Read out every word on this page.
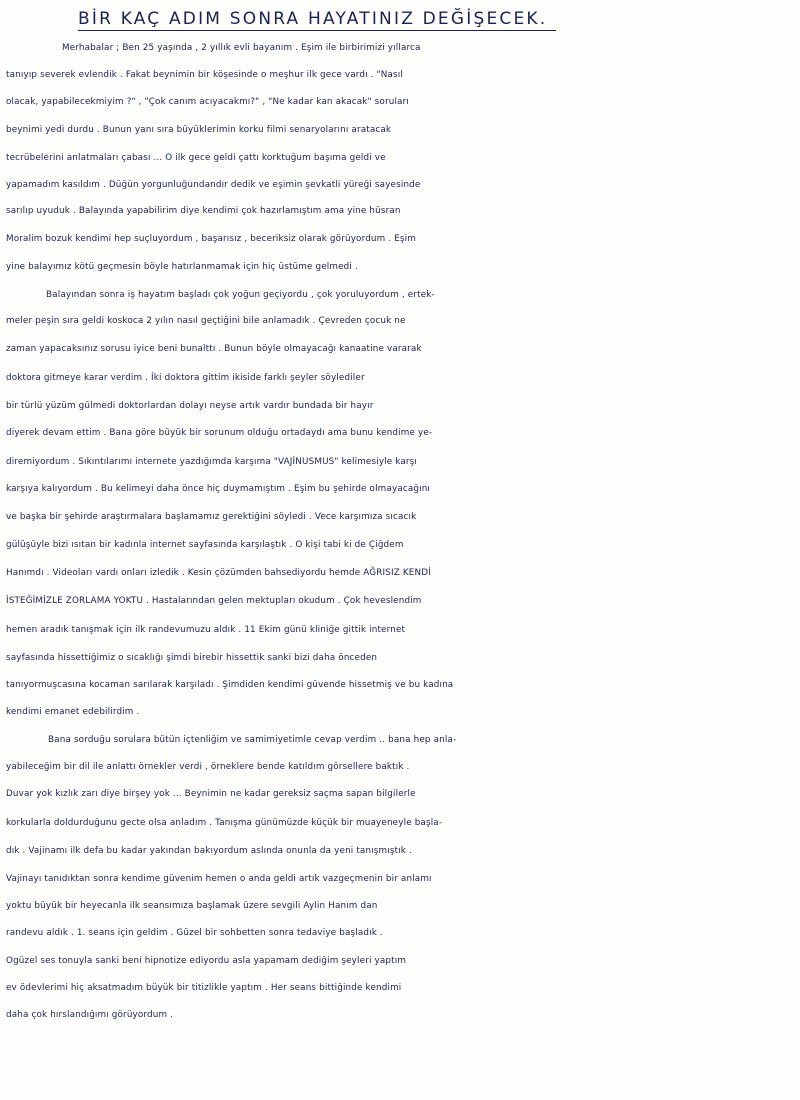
BİR KAÇ ADIM SONRA HAYATINIZ DEĞİŞECEK.
Merhabalar ; Ben 25 yaşında , 2 yıllık evli bayanım . Eşim ile birbirimizi yıllarca
tanıyıp severek evlendik . Fakat beynimin bir köşesinde o meşhur ilk gece vardı . "Nasıl
olacak, yapabilecekmiyim ?" , "Çok canım acıyacakmı?" , "Ne kadar kan akacak" soruları
beynimi yedi durdu . Bunun yanı sıra büyüklerimin korku filmi senaryolarını aratacak
tecrübelerini anlatmaları çabası ... O ilk gece geldi çattı korktuğum başıma geldi ve
yapamadım kasıldım . Düğün yorgunluğundandır dedik ve eşimin şevkatli yüreği sayesinde
sarılıp uyuduk . Balayında yapabilirim diye kendimi çok hazırlamıştım ama yine hüsran
Moralim bozuk kendimi hep suçluyordum , başarısız , beceriksiz olarak görüyordum . Eşim
yine balayımız kötü geçmesin böyle hatırlanmamak için hiç üstüme gelmedi .
Balayından sonra iş hayatım başladı çok yoğun geçiyordu , çok yoruluyordum , ertek-
meler peşin sıra geldi koskoca 2 yılın nasıl geçtiğini bile anlamadık . Çevreden çocuk ne
zaman yapacaksınız sorusu iyice beni bunalttı . Bunun böyle olmayacağı kanaatine vararak
doktora gitmeye karar verdim . İki doktora gittim ikiside farklı şeyler söylediler
bir türlü yüzüm gülmedi doktorlardan dolayı neyse artık vardır bundada bir hayır
diyerek devam ettim . Bana göre büyük bir sorunum olduğu ortadaydı ama bunu kendime ye-
diremiyordum . Sıkıntılarımı internete yazdığımda karşıma "VAJİNUSMUS" kelimesiyle karşı
karşıya kalıyordum . Bu kelimeyi daha önce hiç duymamıştım . Eşim bu şehirde olmayacağını
ve başka bir şehirde araştırmalara başlamamız gerektiğini söyledi . Vece karşımıza sıcacık
gülüşüyle bizi ısıtan bir kadınla internet sayfasında karşılaştık . O kişi tabi ki de Çiğdem
Hanımdı . Videoları vardı onları izledik . Kesin çözümden bahsediyordu hemde AĞRISIZ KENDİ
İSTEĞİMİZLE ZORLAMA YOKTU . Hastalarından gelen mektupları okudum . Çok heveslendim
hemen aradık tanışmak için ilk randevumuzu aldık . 11 Ekim günü kliniğe gittik internet
sayfasında hissettiğimiz o sıcaklığı şimdi birebir hissettik sanki bizi daha önceden
tanıyormuşcasına kocaman sarılarak karşıladı . Şimdiden kendimi güvende hissetmiş ve bu kadına
kendimi emanet edebilirdim .
Bana sorduğu sorulara bütün içtenliğim ve samimiyetimle cevap verdim .. bana hep anla-
yabileceğim bir dil ile anlattı örnekler verdi , örneklere bende katıldım görsellere baktık .
Duvar yok kızlık zarı diye birşey yok ... Beynimin ne kadar gereksiz saçma sapan bilgilerle
korkularla doldurduğunu gecte olsa anladım . Tanışma günümüzde küçük bir muayeneyle başla-
dık . Vajinamı ilk defa bu kadar yakından bakıyordum aslında onunla da yeni tanışmıştık .
Vajinayı tanıdıktan sonra kendime güvenim hemen o anda geldi artık vazgeçmenin bir anlamı
yoktu büyük bir heyecanla ilk seansımıza başlamak üzere sevgili Aylin Hanım dan
randevu aldık . 1. seans için geldim . Güzel bir sohbetten sonra tedaviye başladık .
Ogüzel ses tonuyla sanki beni hipnotize ediyordu asla yapamam dediğim şeyleri yaptım
ev ödevlerimi hiç aksatmadım büyük bir titizlikle yaptım . Her seans bittiğinde kendimi
daha çok hırslandığımı görüyordum .
